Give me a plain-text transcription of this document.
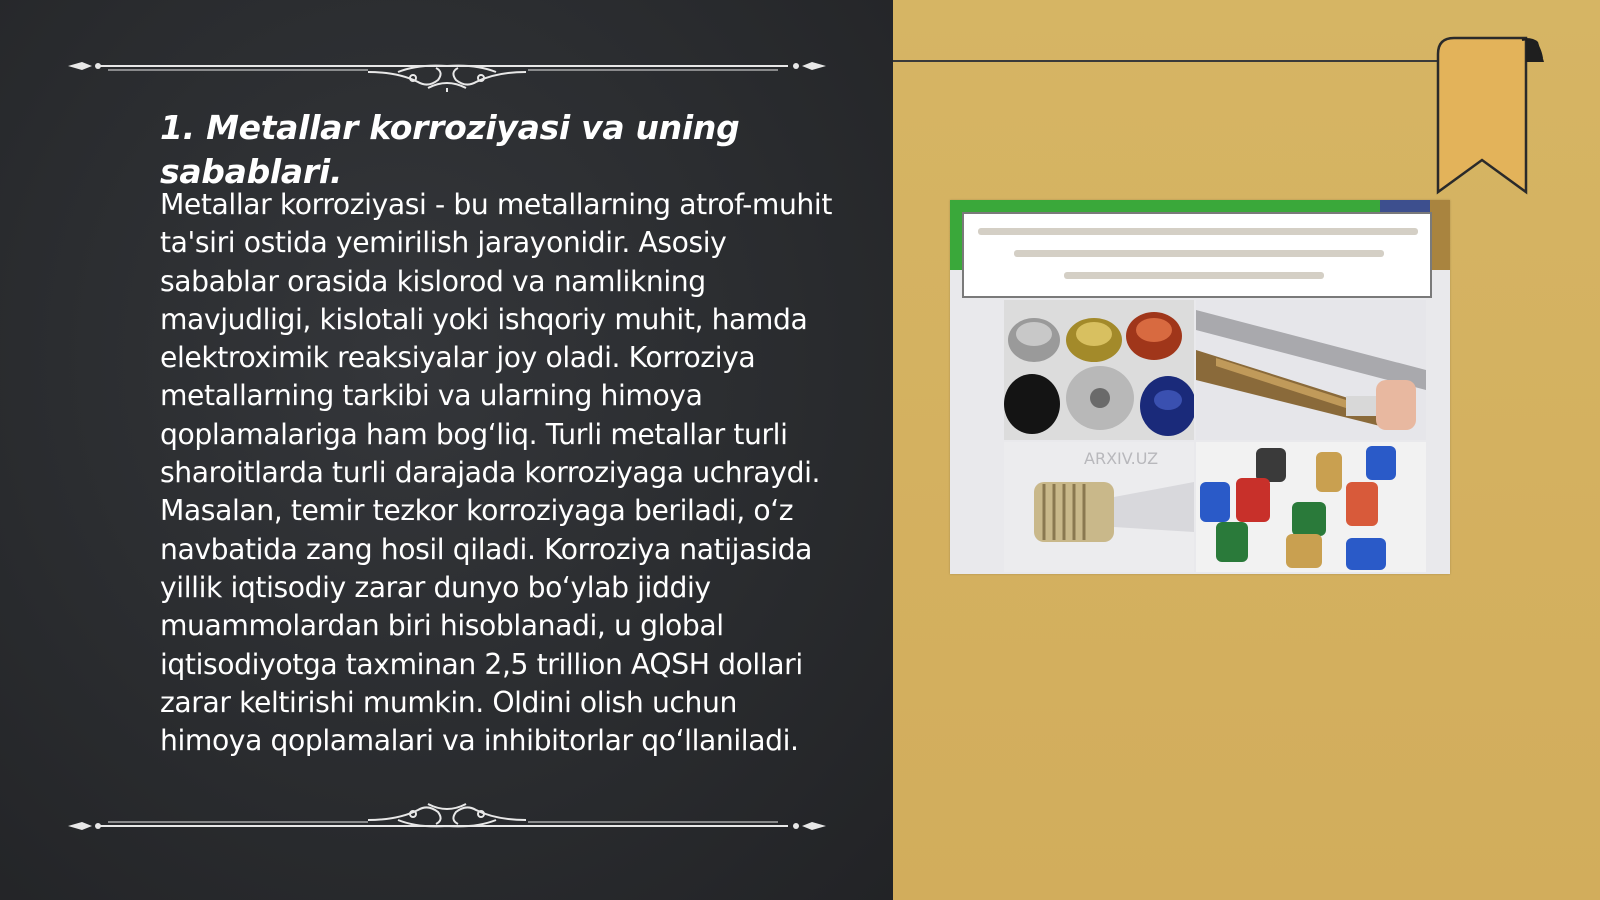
1. Metallar korroziyasi va uning sabablari.

Metallar korroziyasi - bu metallarning atrof-muhit ta'siri ostida yemirilish jarayonidir. Asosiy sabablar orasida kislorod va namlikning mavjudligi, kislotali yoki ishqoriy muhit, hamda elektroximik reaksiyalar joy oladi. Korroziya metallarning tarkibi va ularning himoya qoplamalariga ham bog‘liq. Turli metallar turli sharoitlarda turli darajada korroziyaga uchraydi. Masalan, temir tezkor korroziyaga beriladi, o‘z navbatida zang hosil qiladi. Korroziya natijasida yillik iqtisodiy zarar dunyo bo‘ylab jiddiy muammolardan biri hisoblanadi, u global iqtisodiyotga taxminan 2,5 trillion AQSH dollari zarar keltirishi mumkin. Oldini olish uchun himoya qoplamalari va inhibitorlar qo‘llaniladi.

ARXIV.UZ
